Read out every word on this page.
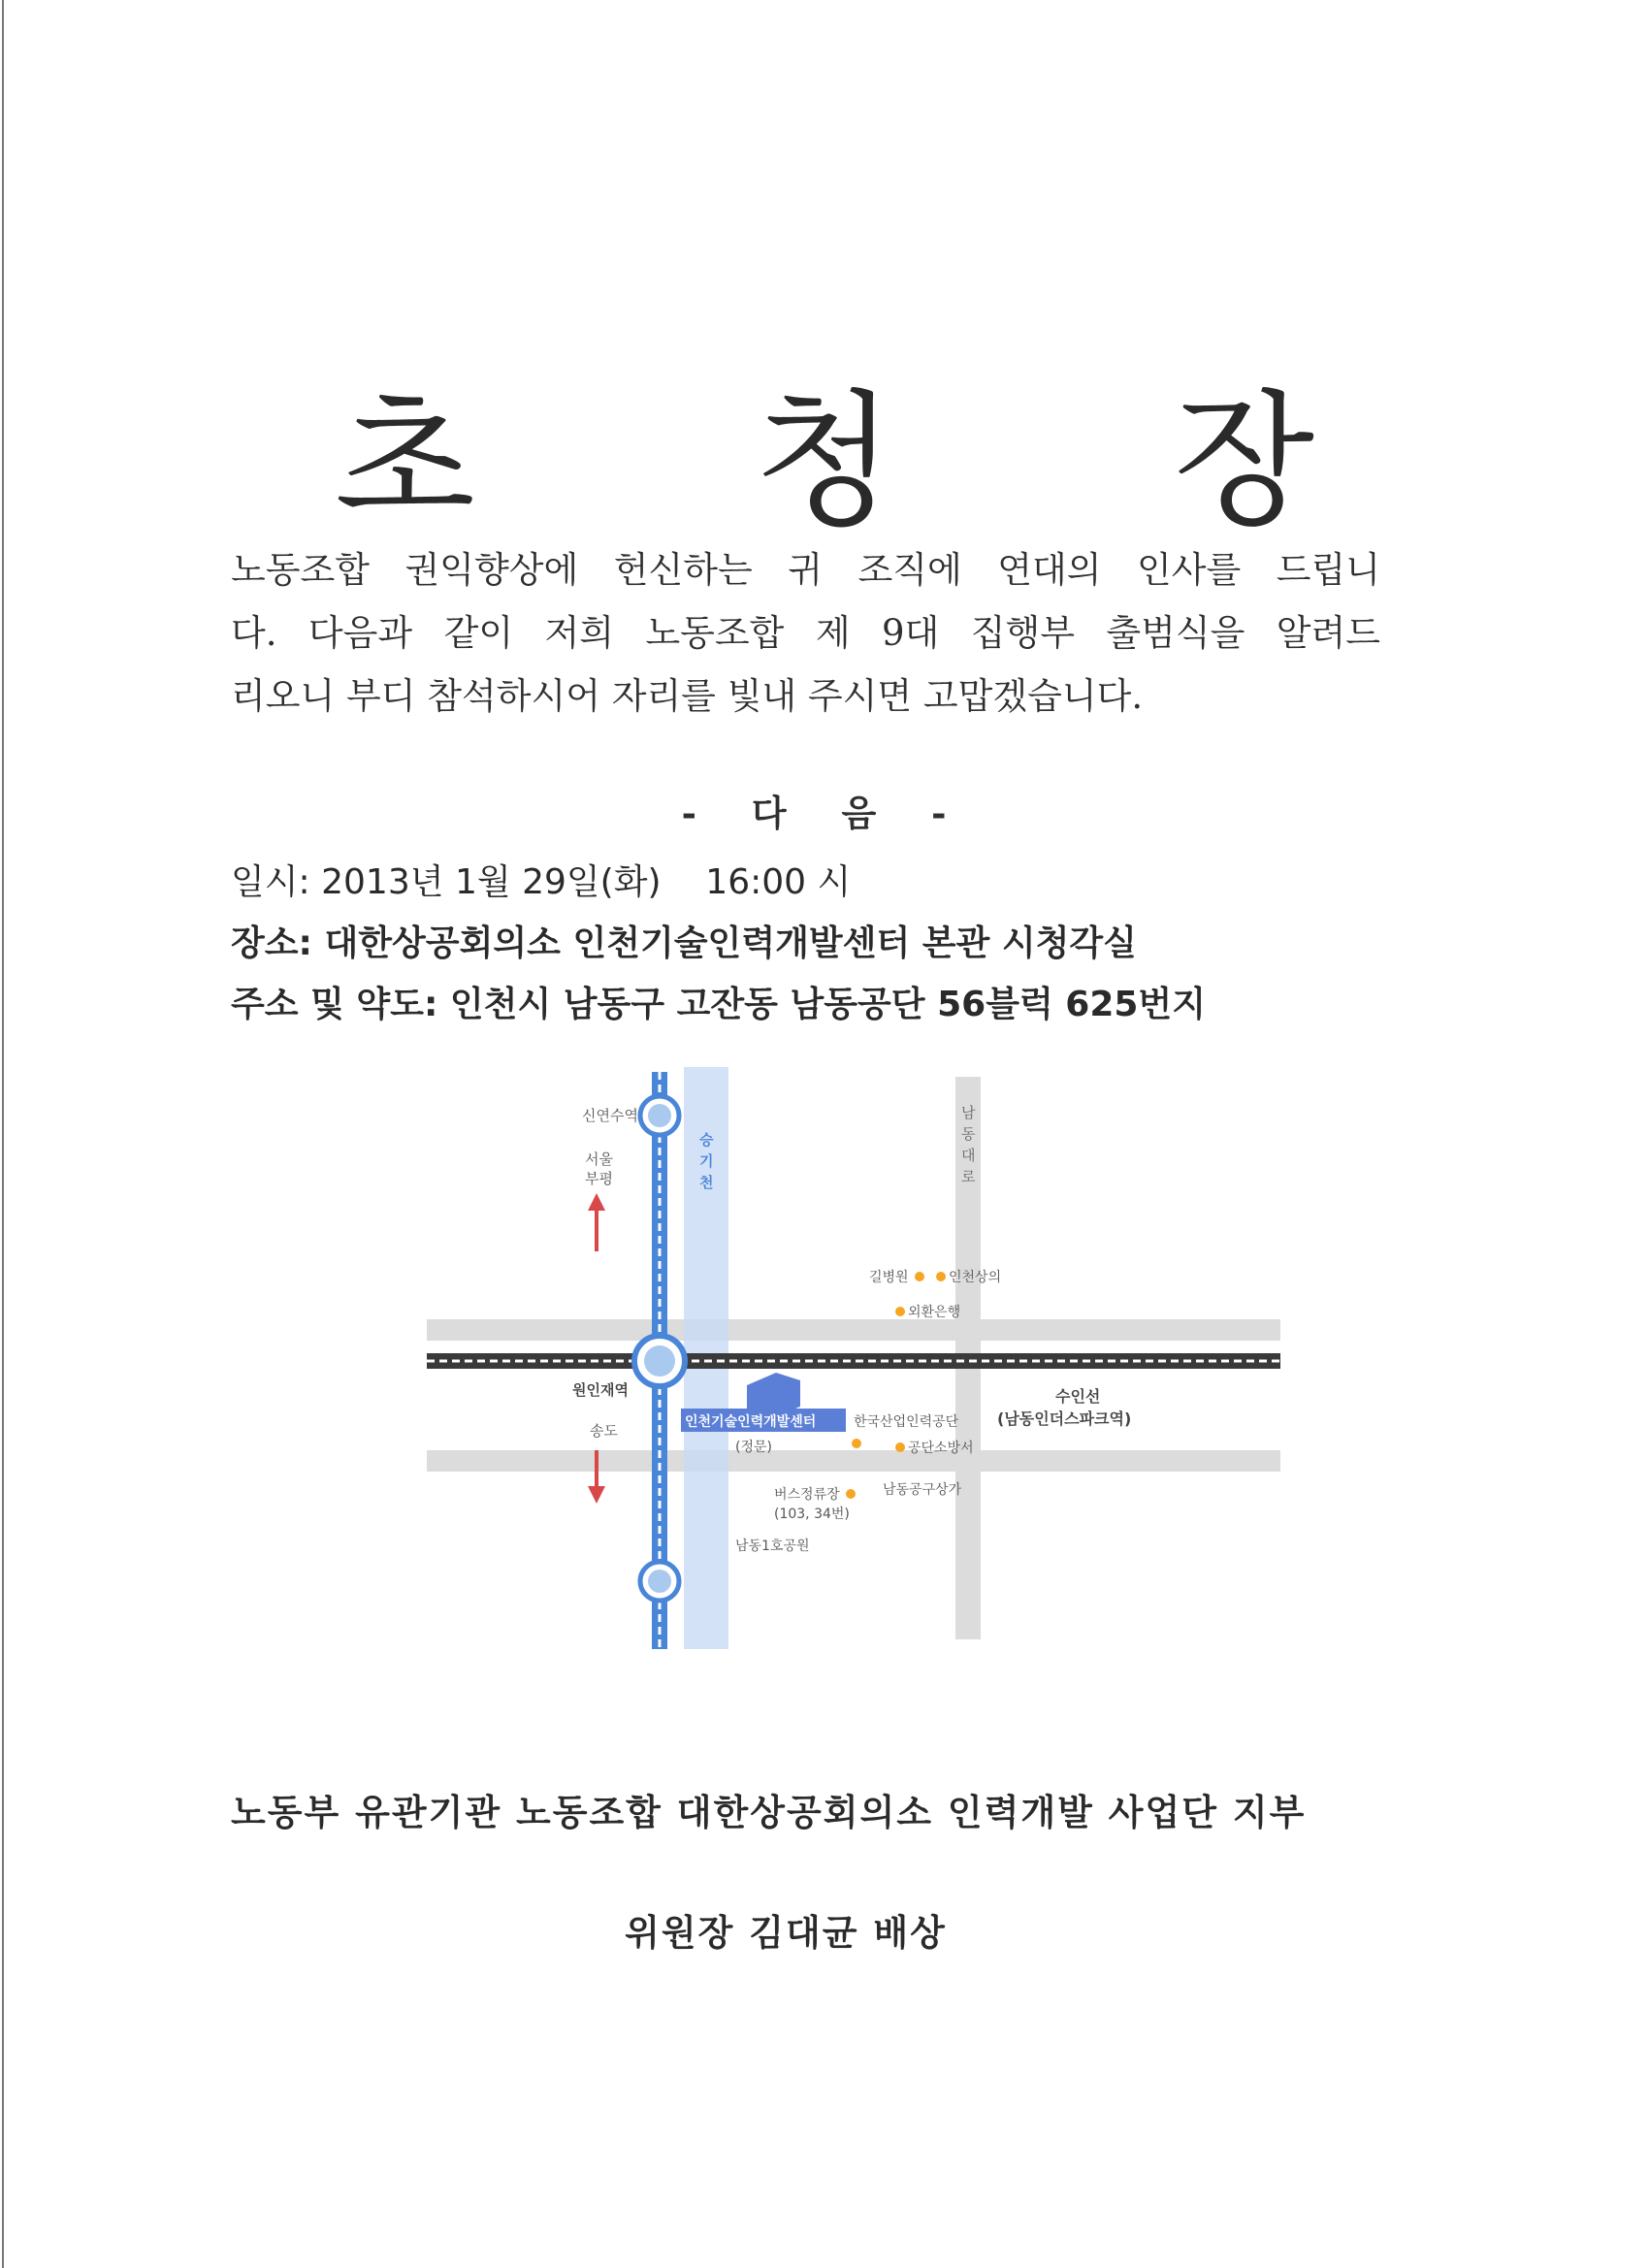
초 청 장
노동조합 권익향상에 헌신하는 귀 조직에 연대의 인사를 드립니
다. 다음과 같이 저희 노동조합 제 9대 집행부 출범식을 알려드
리오니 부디 참석하시어 자리를 빛내 주시면 고맙겠습니다.
- 다 음 -
일시: 2013년 1월 29일(화)    16:00 시
장소: 대한상공회의소 인천기술인력개발센터 본관 시청각실
주소 및 약도: 인천시 남동구 고잔동 남동공단 56블럭 625번지
신연수역
서울
부평
승
기
천
남
동
대
로
길병원	인천상의
외환은행
원인재역
송도	인천기술인력개발센터
(정문)
한국산업인력공단
공단소방서
수인선
(남동인더스파크역)
버스정류장
(103, 34번)
남동공구상가
남동1호공원
노동부 유관기관 노동조합 대한상공회의소 인력개발 사업단 지부
위원장 김대균 배상
